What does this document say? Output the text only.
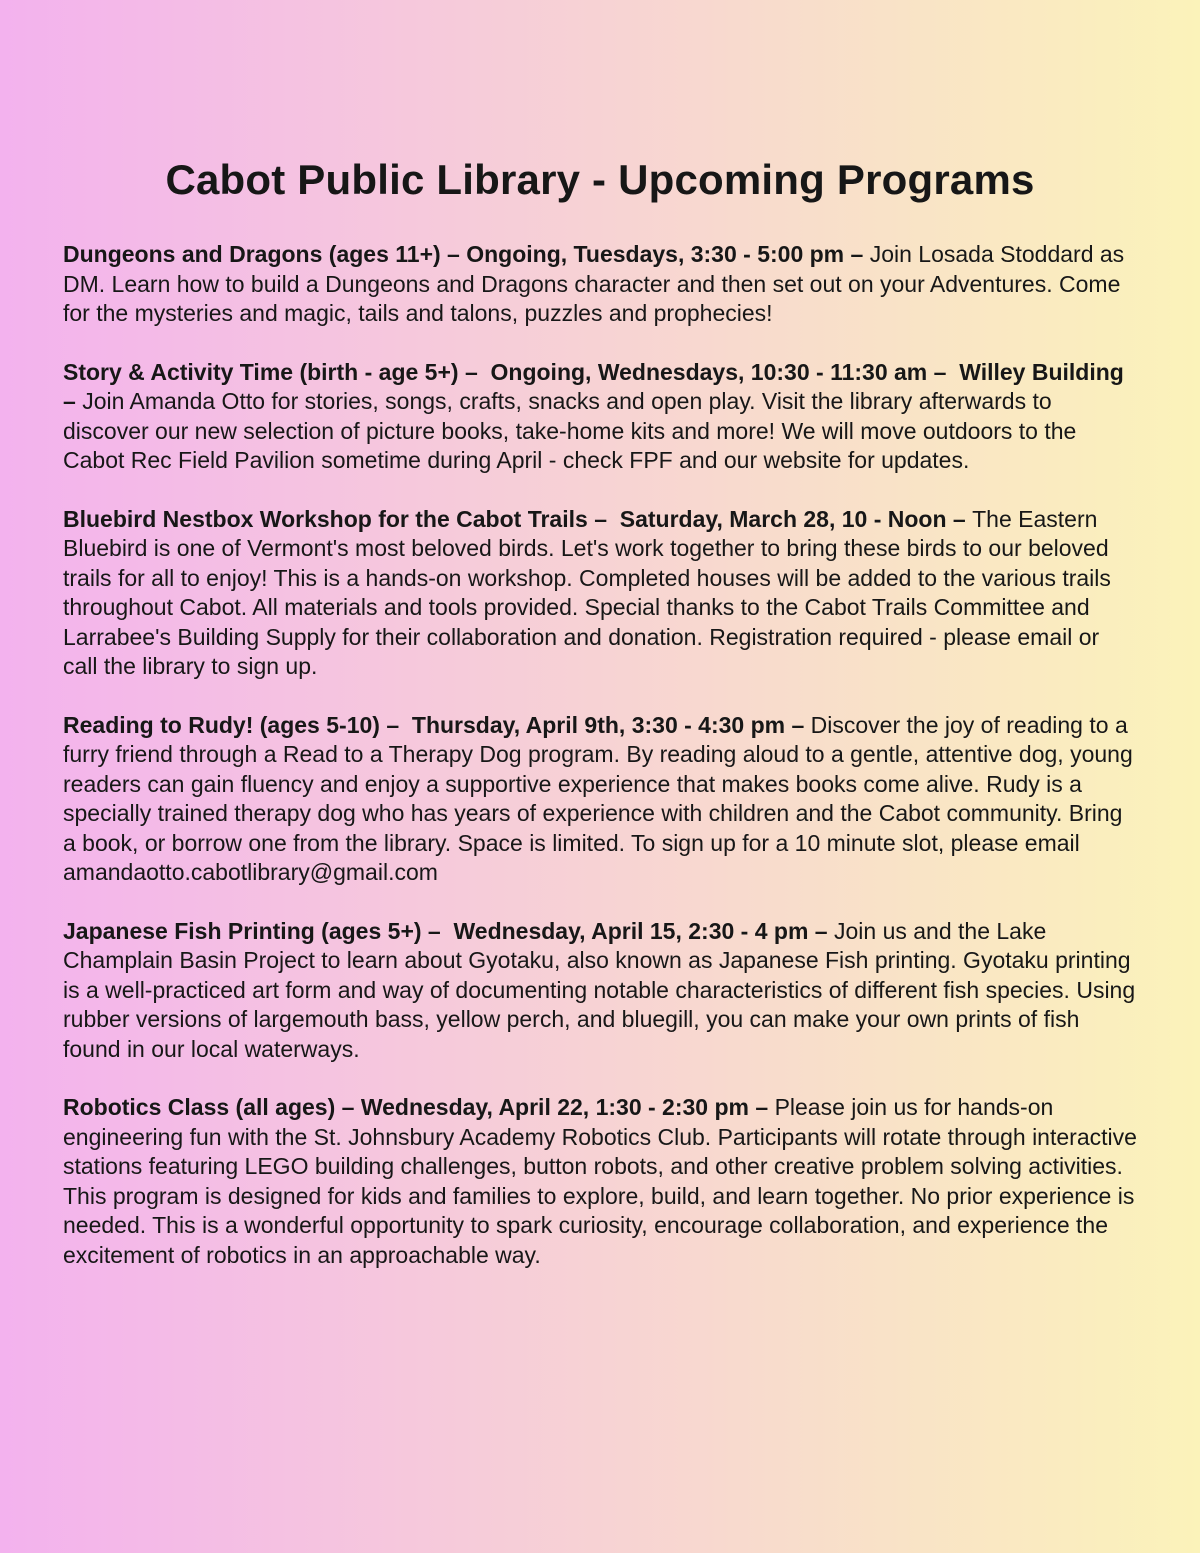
Cabot Public Library - Upcoming Programs

Dungeons and Dragons (ages 11+) – Ongoing, Tuesdays, 3:30 - 5:00 pm – Join Losada Stoddard as DM. Learn how to build a Dungeons and Dragons character and then set out on your Adventures. Come for the mysteries and magic, tails and talons, puzzles and prophecies!

Story & Activity Time (birth - age 5+) –  Ongoing, Wednesdays, 10:30 - 11:30 am –  Willey Building – Join Amanda Otto for stories, songs, crafts, snacks and open play. Visit the library afterwards to discover our new selection of picture books, take-home kits and more! We will move outdoors to the Cabot Rec Field Pavilion sometime during April - check FPF and our website for updates.

Bluebird Nestbox Workshop for the Cabot Trails –  Saturday, March 28, 10 - Noon – The Eastern Bluebird is one of Vermont's most beloved birds. Let's work together to bring these birds to our beloved trails for all to enjoy! This is a hands-on workshop. Completed houses will be added to the various trails throughout Cabot. All materials and tools provided. Special thanks to the Cabot Trails Committee and Larrabee's Building Supply for their collaboration and donation. Registration required - please email or call the library to sign up.

Reading to Rudy! (ages 5-10) –  Thursday, April 9th, 3:30 - 4:30 pm – Discover the joy of reading to a furry friend through a Read to a Therapy Dog program. By reading aloud to a gentle, attentive dog, young readers can gain fluency and enjoy a supportive experience that makes books come alive. Rudy is a specially trained therapy dog who has years of experience with children and the Cabot community. Bring a book, or borrow one from the library. Space is limited. To sign up for a 10 minute slot, please email amandaotto.cabotlibrary@gmail.com

Japanese Fish Printing (ages 5+) –  Wednesday, April 15, 2:30 - 4 pm – Join us and the Lake Champlain Basin Project to learn about Gyotaku, also known as Japanese Fish printing. Gyotaku printing is a well-practiced art form and way of documenting notable characteristics of different fish species. Using rubber versions of largemouth bass, yellow perch, and bluegill, you can make your own prints of fish found in our local waterways.

Robotics Class (all ages) – Wednesday, April 22, 1:30 - 2:30 pm – Please join us for hands-on engineering fun with the St. Johnsbury Academy Robotics Club. Participants will rotate through interactive stations featuring LEGO building challenges, button robots, and other creative problem solving activities. This program is designed for kids and families to explore, build, and learn together. No prior experience is needed. This is a wonderful opportunity to spark curiosity, encourage collaboration, and experience the excitement of robotics in an approachable way.
